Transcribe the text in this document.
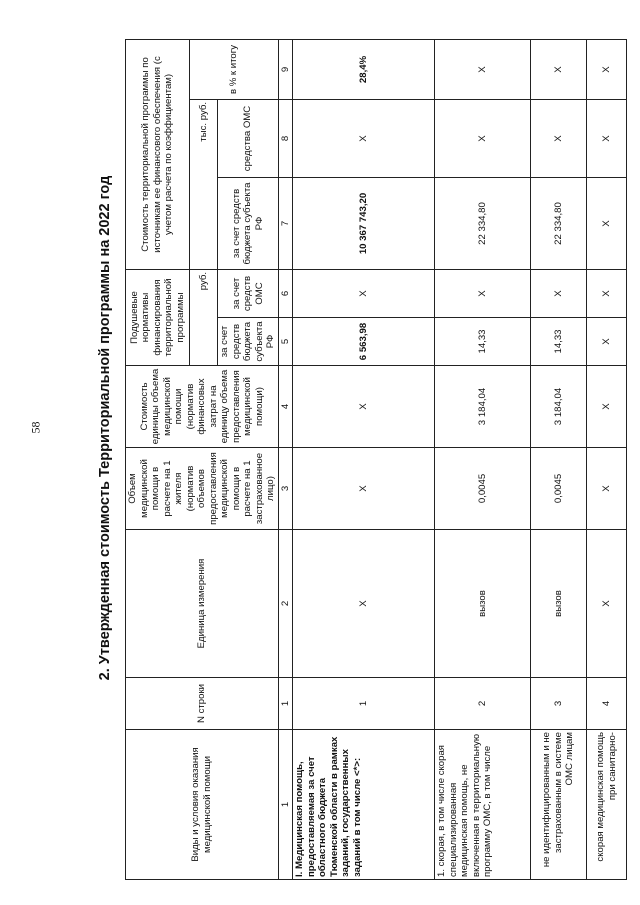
58	2. Утвержденная стоимость Территориальной программы на 2022 год
Виды и условия оказания медицинской помощи	N строки	Единица измерения	Объем медицинской помощи в расчете на 1 жителя (норматив объемов предоставления медицинской помощи в расчете на 1 застрахованное лицо)	Стоимость единицы объема медицинской помощи (норматив финансовых затрат на единицу объема предоставления медицинской помощи)	Подушевые нормативы финансирования территориальной программы		Стоимость территориальной программы по источникам ее финансового обеспечения (с учетом расчета по коэффициентам)		
					руб.		тыс. руб.		в % к итогу
					за счет средств бюджета субъекта РФ	за счет средств ОМС	за счет средств бюджета субъекта РФ	средства ОМС	
1	1	2	3	4	5	6	7	8	9
I. Медицинская помощь, предоставляемая за счет областного бюджета Тюменской области в рамках заданий, государственных заданий в том числе <*>:	1	X	X	X	6 563,98	X	10 367 743,20	X	28,4%
1. скорая, в том числе скорая специализированная медицинская помощь, не включенная в территориальную программу ОМС, в том числе	2	вызов	0,0045	3 184,04	14,33	X	22 334,80	X	X
не идентифицированным и не застрахованным в системе ОМС лицам	3	вызов	0,0045	3 184,04	14,33	X	22 334,80	X	X
скорая медицинская помощь при санитарно-	4	X	X	X	X	X	X	X	X
